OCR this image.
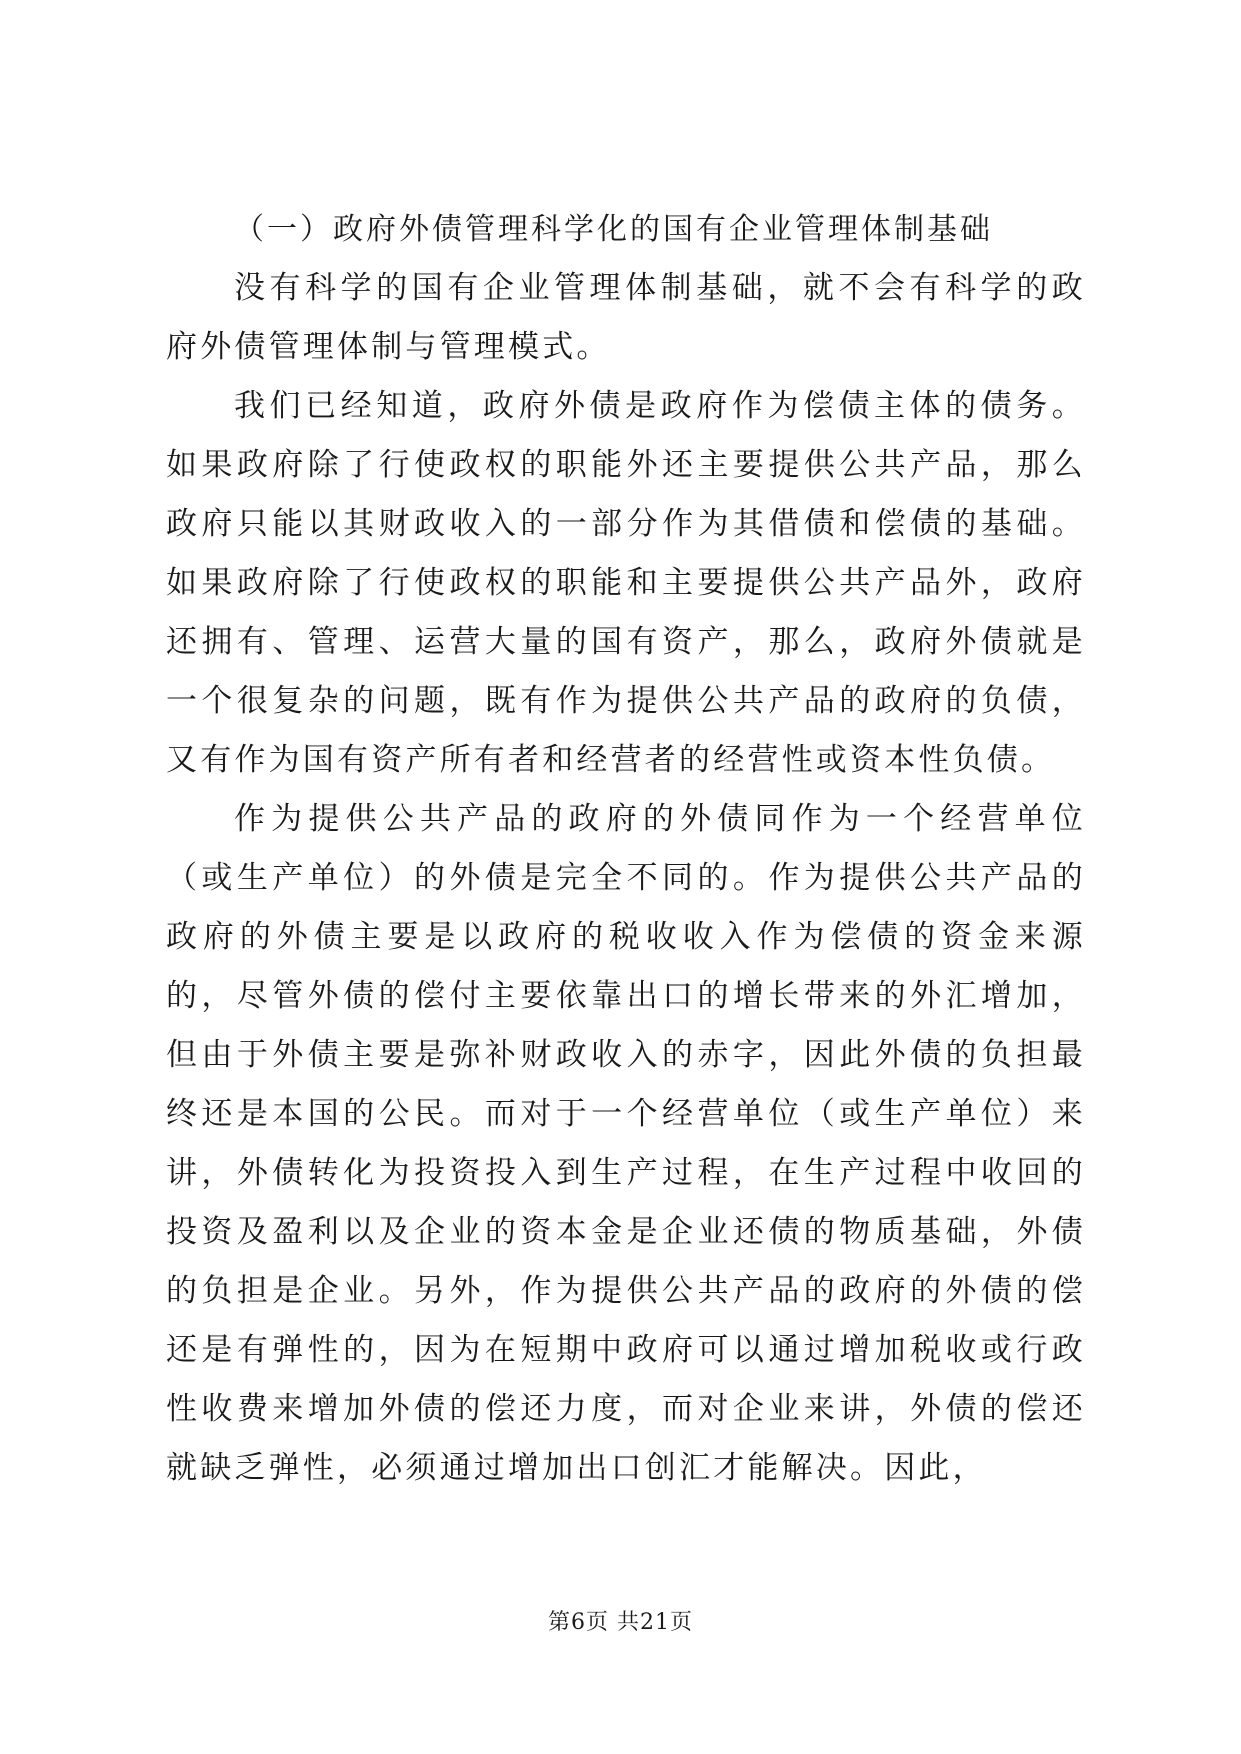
（一）政府外债管理科学化的国有企业管理体制基础

没有科学的国有企业管理体制基础，就不会有科学的政府外债管理体制与管理模式。

我们已经知道，政府外债是政府作为偿债主体的债务。如果政府除了行使政权的职能外还主要提供公共产品，那么政府只能以其财政收入的一部分作为其借债和偿债的基础。如果政府除了行使政权的职能和主要提供公共产品外，政府还拥有、管理、运营大量的国有资产，那么，政府外债就是一个很复杂的问题，既有作为提供公共产品的政府的负债，又有作为国有资产所有者和经营者的经营性或资本性负债。

作为提供公共产品的政府的外债同作为一个经营单位（或生产单位）的外债是完全不同的。作为提供公共产品的政府的外债主要是以政府的税收收入作为偿债的资金来源的，尽管外债的偿付主要依靠出口的增长带来的外汇增加，但由于外债主要是弥补财政收入的赤字，因此外债的负担最终还是本国的公民。而对于一个经营单位（或生产单位）来讲，外债转化为投资投入到生产过程，在生产过程中收回的投资及盈利以及企业的资本金是企业还债的物质基础，外债的负担是企业。另外，作为提供公共产品的政府的外债的偿还是有弹性的，因为在短期中政府可以通过增加税收或行政性收费来增加外债的偿还力度，而对企业来讲，外债的偿还就缺乏弹性，必须通过增加出口创汇才能解决。因此，

第6页 共21页
